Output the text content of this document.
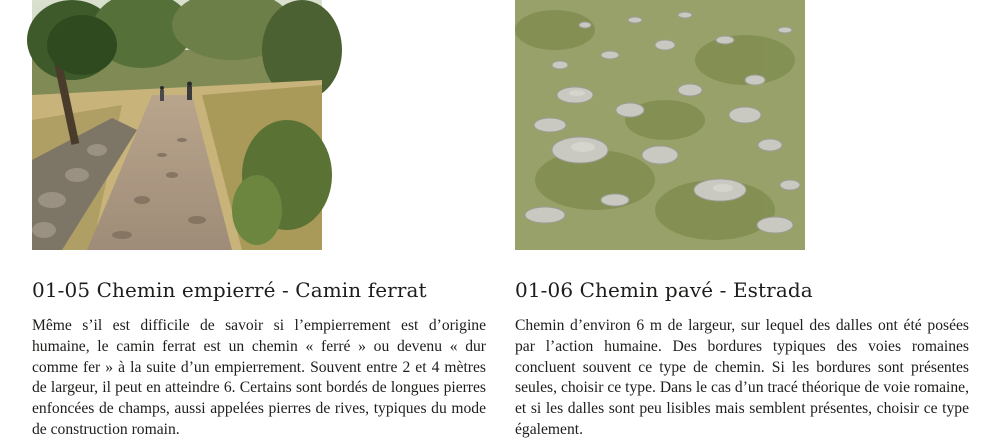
01-05 Chemin empierré - Camin ferrat

Même s’il est difficile de savoir si l’empierrement est d’origine humaine, le camin ferrat est un chemin « ferré » ou devenu « dur comme fer » à la suite d’un empierrement. Souvent entre 2 et 4 mètres de largeur, il peut en atteindre 6. Certains sont bordés de longues pierres enfoncées de champs, aussi appelées pierres de rives, typiques du mode de construction romain.

01-06 Chemin pavé - Estrada

Chemin d’environ 6 m de largeur, sur lequel des dalles ont été posées par l’action humaine. Des bordures typiques des voies romaines concluent souvent ce type de chemin. Si les bordures sont présentes seules, choisir ce type. Dans le cas d’un tracé théorique de voie romaine, et si les dalles sont peu lisibles mais semblent présentes, choisir ce type également.
